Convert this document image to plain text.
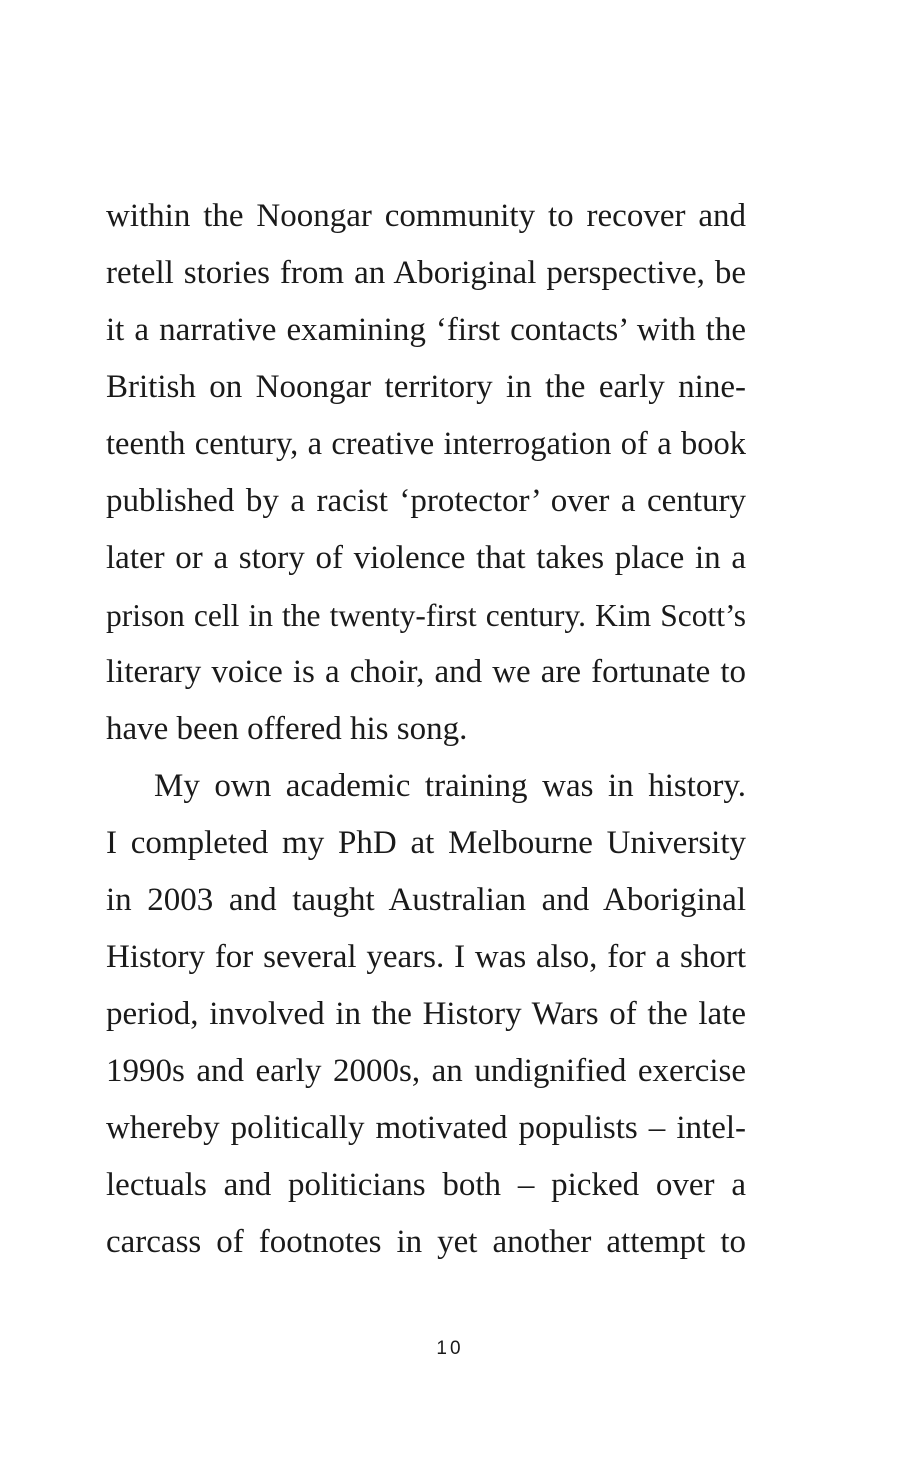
within the Noongar community to recover and
retell stories from an Aboriginal perspective, be
it a narrative examining ‘first contacts’ with the
British on Noongar territory in the early nine-
teenth century, a creative interrogation of a book
published by a racist ‘protector’ over a century
later or a story of violence that takes place in a
prison cell in the twenty-first century. Kim Scott’s
literary voice is a choir, and we are fortunate to
have been offered his song.
My own academic training was in history.
I completed my PhD at Melbourne University
in 2003 and taught Australian and Aboriginal
History for several years. I was also, for a short
period, involved in the History Wars of the late
1990s and early 2000s, an undignified exercise
whereby politically motivated populists – intel-
lectuals and politicians both – picked over a
carcass of footnotes in yet another attempt to
10
